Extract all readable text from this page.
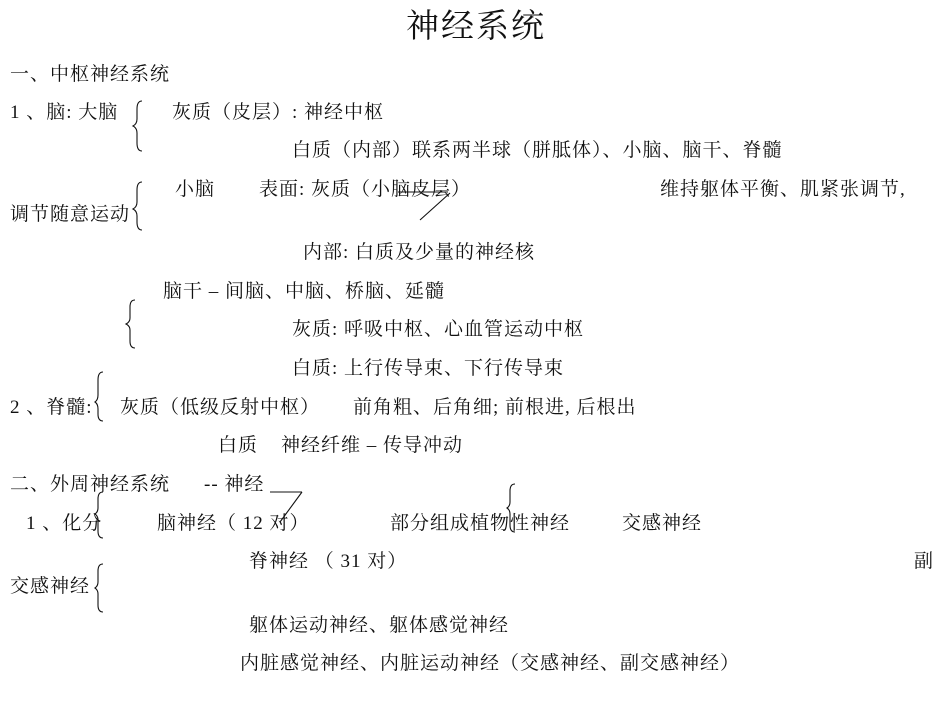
神经系统
一、中枢神经系统
1 、脑: 大脑	灰质（皮层）: 神经中枢
白质（内部）联系两半球（胼胝体）、小脑、脑干、脊髓
小脑 表面: 灰质（小脑皮层）	维持躯体平衡、肌紧张调节,
调节随意运动
内部: 白质及少量的神经核
脑干 – 间脑、中脑、桥脑、延髓
灰质: 呼吸中枢、心血管运动中枢
白质: 上行传导束、下行传导束
2 、脊髓: 灰质（低级反射中枢） 前角粗、后角细; 前根进, 后根出
白质 神经纤维 – 传导冲动
二、外周神经系统 -- 神经
1 、化分	脑神经（ 12 对）	部分组成植物性神经	交感神经
脊神经 （ 31 对）	副
交感神经
躯体运动神经、躯体感觉神经
内脏感觉神经、内脏运动神经（交感神经、副交感神经）
